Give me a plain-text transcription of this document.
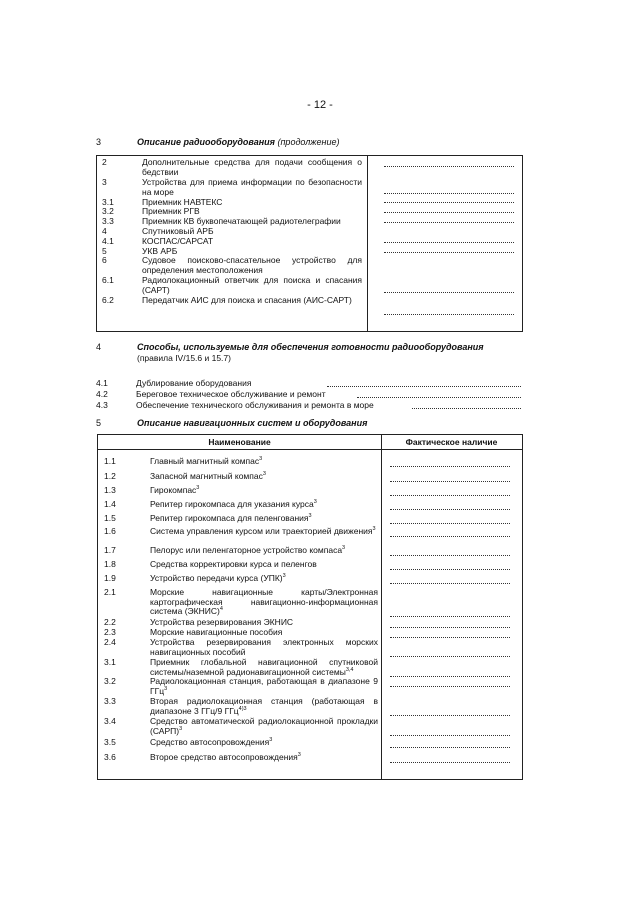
- 12 -
3	Описание радиооборудования (продолжение)
2	Дополнительные средства для подачи сообщения о бедствии
3	Устройства для приема информации по безопасности на море
3.1	Приемник НАВТЕКС
3.2	Приемник РГВ
3.3	Приемник КВ буквопечатающей радиотелеграфии
4	Спутниковый АРБ
4.1	КОСПАС/САРСАТ
5	УКВ АРБ
6	Судовое поисково-спасательное устройство для определения местоположения
6.1	Радиолокационный ответчик для поиска и спасания (САРТ)
6.2	Передатчик АИС для поиска и спасания (АИС-САРТ)
4	Способы, используемые для обеспечения готовности радиооборудования
(правила IV/15.6 и 15.7)
4.1	Дублирование оборудования
4.2	Береговое техническое обслуживание и ремонт
4.3	Обеспечение технического обслуживания и ремонта в море
5	Описание навигационных систем и оборудования
Наименование	Фактическое наличие
1.1	Главный магнитный компас$^3$
1.2	Запасной магнитный компас$^3$
1.3	Гирокомпас$^3$
1.4	Репитер гирокомпаса для указания курса$^3$
1.5	Репитер гирокомпаса для пеленгования$^3$
1.6	Система управления курсом или траекторией движения$^3$
1.7	Пелорус или пеленгаторное устройство компаса$^3$
1.8	Средства корректировки курса и пеленгов
1.9	Устройство передачи курса (УПК)$^3$
2.1	Морские навигационные карты/Электронная картографическая навигационно-информационная система (ЭКНИС)$^4$
2.2	Устройства резервирования ЭКНИС
2.3	Морские навигационные пособия
2.4	Устройства резервирования электронных морских навигационных пособий
3.1	Приемник глобальной навигационной спутниковой системы/наземной радионавигационной системы$^{3,4}$
3.2	Радиолокационная станция, работающая в диапазоне 9 ГГц$^3$
3.3	Вторая радиолокационная станция (работающая в диапазоне 3 ГГц/9 ГГц$^{4)3}$
3.4	Средство автоматической радиолокационной прокладки (САРП)$^3$
3.5	Средство автосопровождения$^3$
3.6	Второе средство автосопровождения$^3$
